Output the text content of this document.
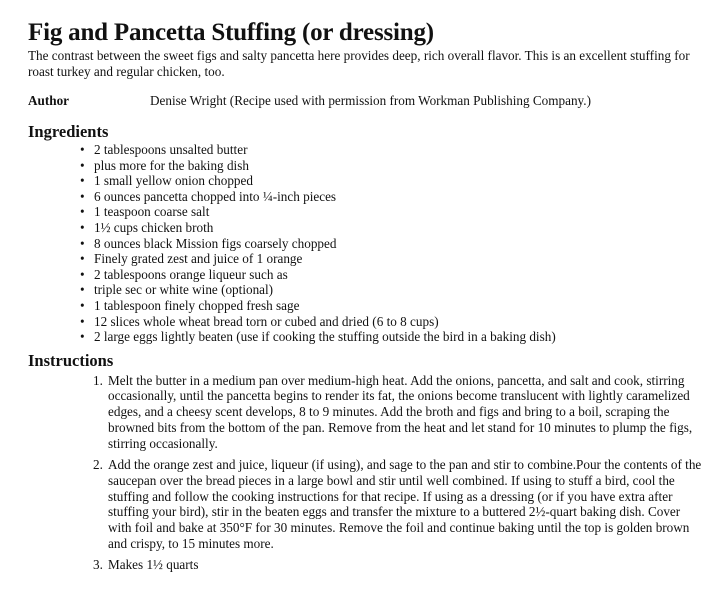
Fig and Pancetta Stuffing (or dressing)

The contrast between the sweet figs and salty pancetta here provides deep, rich overall flavor. This is an excellent stuffing for roast turkey and regular chicken, too.

Author	Denise Wright (Recipe used with permission from Workman Publishing Company.)
Ingredients
• 2 tablespoons unsalted butter
• plus more for the baking dish
• 1 small yellow onion chopped
• 6 ounces pancetta chopped into ¼-inch pieces
• 1 teaspoon coarse salt
• 1½ cups chicken broth
• 8 ounces black Mission figs coarsely chopped
• Finely grated zest and juice of 1 orange
• 2 tablespoons orange liqueur such as
• triple sec or white wine (optional)
• 1 tablespoon finely chopped fresh sage
• 12 slices whole wheat bread torn or cubed and dried (6 to 8 cups)
• 2 large eggs lightly beaten (use if cooking the stuffing outside the bird in a baking dish)
Instructions
1. Melt the butter in a medium pan over medium-high heat. Add the onions, pancetta, and salt and cook, stirring occasionally, until the pancetta begins to render its fat, the onions become translucent with lightly caramelized edges, and a cheesy scent develops, 8 to 9 minutes. Add the broth and figs and bring to a boil, scraping the browned bits from the bottom of the pan. Remove from the heat and let stand for 10 minutes to plump the figs, stirring occasionally.
2. Add the orange zest and juice, liqueur (if using), and sage to the pan and stir to combine.Pour the contents of the saucepan over the bread pieces in a large bowl and stir until well combined. If using to stuff a bird, cool the stuffing and follow the cooking instructions for that recipe. If using as a dressing (or if you have extra after stuffing your bird), stir in the beaten eggs and transfer the mixture to a buttered 2½-quart baking dish. Cover with foil and bake at 350°F for 30 minutes. Remove the foil and continue baking until the top is golden brown and crispy, to 15 minutes more.
3. Makes 1½ quarts
